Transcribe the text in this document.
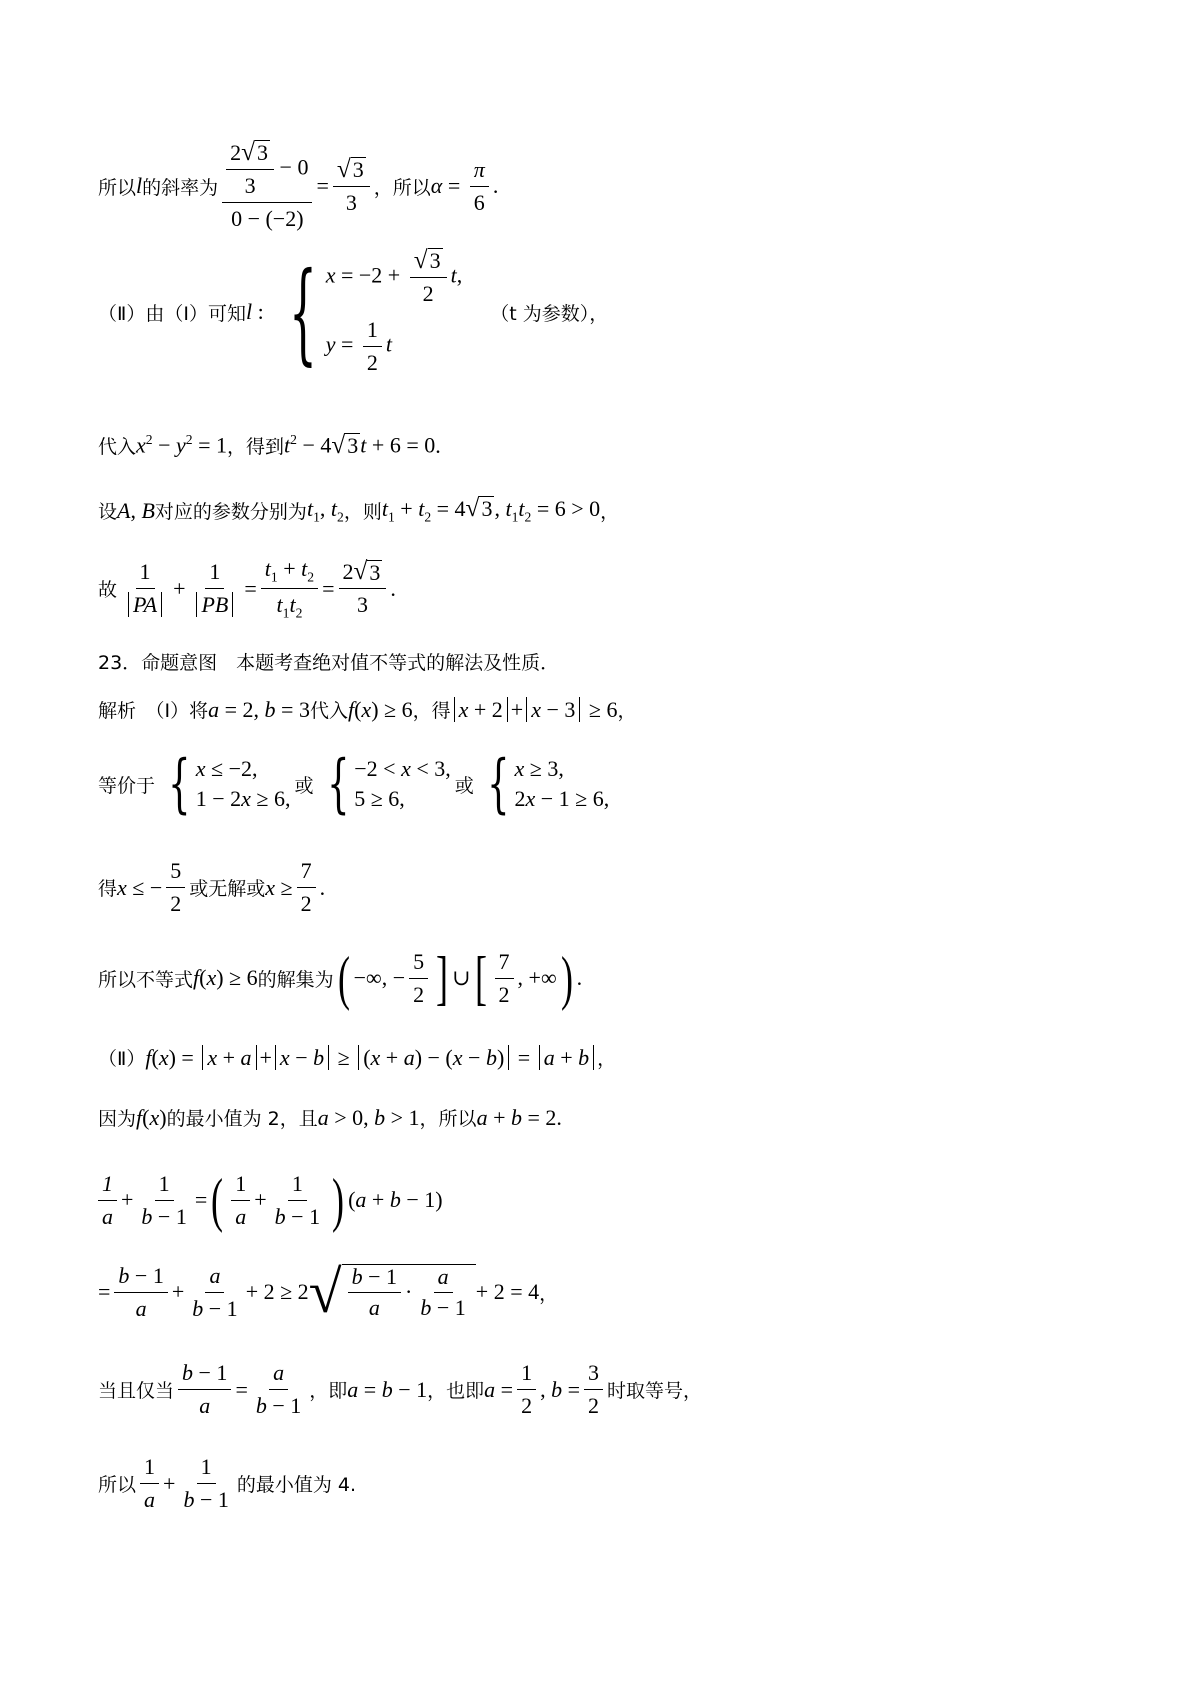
所以 l 的斜率为 $\frac{\frac{2 √ 3}{3} - 0}{0 - (-2)} = \frac{√ 3}{3}$ ，所以 $\alpha = \frac{\pi}{6}$ .
（Ⅱ）由（Ⅰ）可知 l : { $x = -2 + \frac{√ 3}{2} t$,
$y = \frac{1}{2}$ t
（t 为参数），
代入 $x^2 - y^2 = 1$ ，得到 $t^2 - 4$ √ 3 t + 6 = 0 .
设 A, B 对应的参数分别为 $t_1$, $t_2$ ，则 $t_1 + t_2 = 4$ √ 3 , $t_1t_2 = 6 > 0$ ，
故 $\frac{1}{PA} + \frac{1}{PB} = \frac{t_1 + t_2}{t_1t_2} = \frac{2 √ 3}{3}$ .
23．命题意图　本题考查绝对值不等式的解法及性质．
解析　（Ⅰ）将 a = 2, b = 3 代入 f(x) ≥ 6 ，得 x + 2 + x − 3 ≥ 6 ，
等价于 { x ≤ −2,
1 − 2x ≥ 6,
或 { −2 < x < 3,
5 ≥ 6,
或 { x ≥ 3,
2x − 1 ≥ 6,
得 x ≤ − $\frac{5}{2}$ 或无解或 $x \ge \frac{7}{2}$ .
所以不等式 f(x) ≥ 6 的解集为 ( −∞, − $\frac{5}{2}$ ] ∪ [ $\frac{7}{2}$ , +∞ ) .
（Ⅱ） f(x) = x + a + x − b ≥ (x + a) − (x − b) = a + b ，
因为 f(x) 的最小值为 2，且 a > 0, b > 1 ，所以 a + b = 2 .
$\frac{1}{a} + \frac{1}{b - 1}$ = ( $\frac{1}{a} + \frac{1}{b - 1}$ ) (a + b − 1)
= $\frac{b - 1}{a} + \frac{a}{b - 1} + 2 \ge 2$ √ $\frac{b - 1}{a} \cdot \frac{a}{b - 1} + 2 = 4$ ，
当且仅当 $\frac{b - 1}{a} = \frac{a}{b - 1}$ ，即 a = b − 1 ，也即 $a = \frac{1}{2}$ , $b = \frac{3}{2}$ 时取等号，
所以 $\frac{1}{a} + \frac{1}{b - 1}$ 的最小值为 4.
